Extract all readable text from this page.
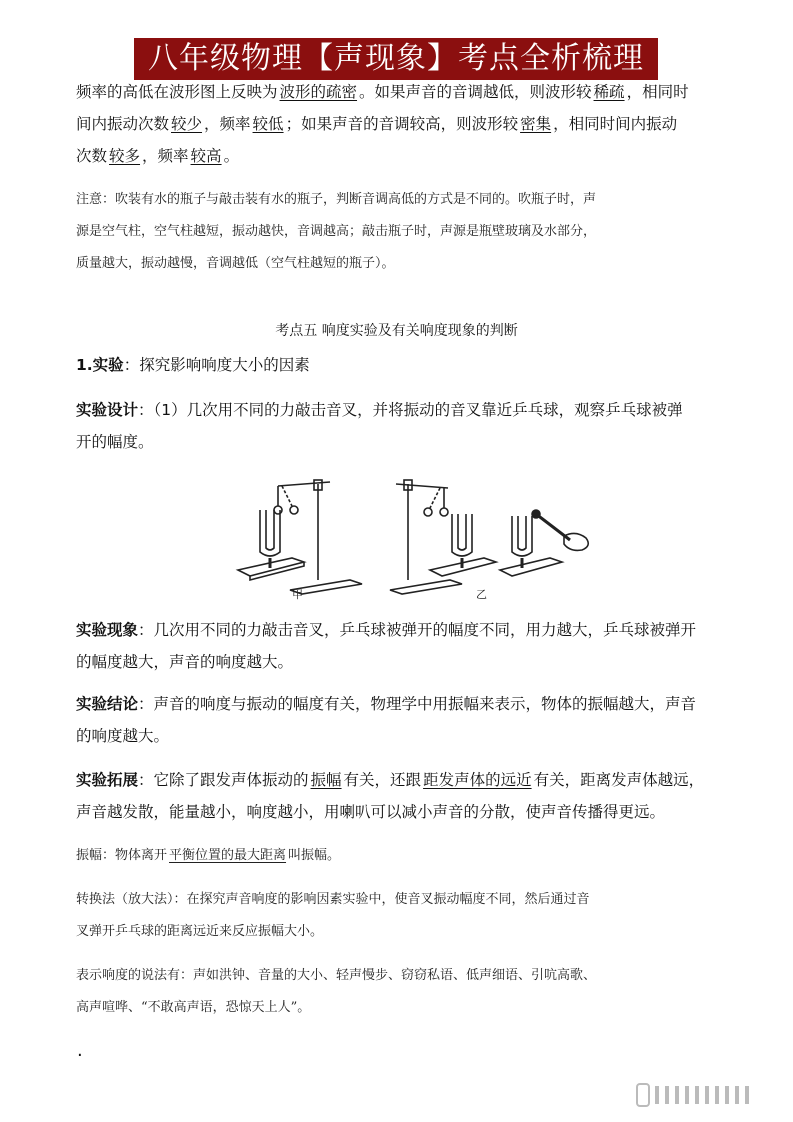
八年级物理【声现象】考点全析梳理
频率的高低在波形图上反映为 波形的疏密 。如果声音的音调越低，则波形较 稀疏 ，相同时
间内振动次数 较少 ，频率 较低 ；如果声音的音调较高，则波形较 密集 ，相同时间内振动
次数 较多 ，频率 较高 。
注意：吹装有水的瓶子与敲击装有水的瓶子，判断音调高低的方式是不同的。吹瓶子时，声
源是空气柱，空气柱越短，振动越快，音调越高；敲击瓶子时，声源是瓶壁玻璃及水部分，
质量越大，振动越慢，音调越低（空气柱越短的瓶子）。
考点五 响度实验及有关响度现象的判断
1.实验：探究影响响度大小的因素
实验设计：（1）几次用不同的力敲击音叉，并将振动的音叉靠近乒乓球，观察乒乓球被弹
开的幅度。
甲	乙
实验现象：几次用不同的力敲击音叉，乒乓球被弹开的幅度不同，用力越大，乒乓球被弹开
的幅度越大，声音的响度越大。
实验结论：声音的响度与振动的幅度有关，物理学中用振幅来表示，物体的振幅越大，声音
的响度越大。
实验拓展：它除了跟发声体振动的 振幅 有关，还跟 距发声体的远近 有关，距离发声体越远，
声音越发散，能量越小，响度越小，用喇叭可以减小声音的分散，使声音传播得更远。
振幅：物体离开 平衡位置的最大距离 叫振幅。
转换法（放大法）：在探究声音响度的影响因素实验中，使音叉振动幅度不同，然后通过音
叉弹开乒乓球的距离远近来反应振幅大小。
表示响度的说法有：声如洪钟、音量的大小、轻声慢步、窃窃私语、低声细语、引吭高歌、
高声喧哗、“不敢高声语，恐惊天上人”。
.
